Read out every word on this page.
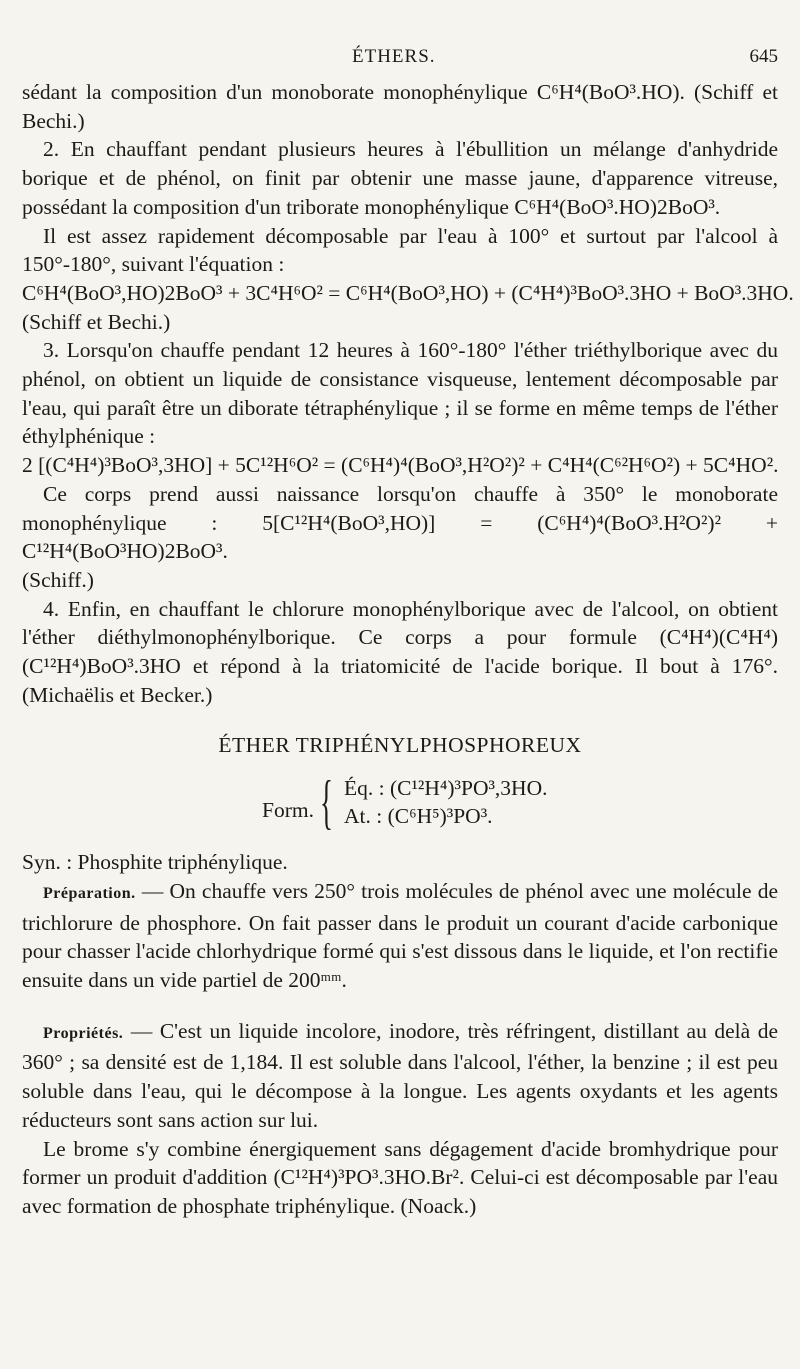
ÉTHERS.	645

sédant la composition d'un monoborate monophénylique C⁶H⁴(BoO³.HO). (Schiff et Bechi.)

2. En chauffant pendant plusieurs heures à l'ébullition un mélange d'anhydride borique et de phénol, on finit par obtenir une masse jaune, d'apparence vitreuse, possédant la composition d'un triborate monophénylique C⁶H⁴(BoO³.HO)2BoO³.

Il est assez rapidement décomposable par l'eau à 100° et surtout par l'alcool à 150°-180°, suivant l'équation :

C⁶H⁴(BoO³,HO)2BoO³ + 3C⁴H⁶O² = C⁶H⁴(BoO³,HO) + (C⁴H⁴)³BoO³.3HO + BoO³.3HO.

(Schiff et Bechi.)

3. Lorsqu'on chauffe pendant 12 heures à 160°-180° l'éther triéthylborique avec du phénol, on obtient un liquide de consistance visqueuse, lentement décomposable par l'eau, qui paraît être un diborate tétraphénylique ; il se forme en même temps de l'éther éthylphénique :

2 [(C⁴H⁴)³BoO³,3HO] + 5C¹²H⁶O² = (C⁶H⁴)⁴(BoO³,H²O²)² + C⁴H⁴(C⁶²H⁶O²) + 5C⁴HO².

Ce corps prend aussi naissance lorsqu'on chauffe à 350° le monoborate monophénylique : 5[C¹²H⁴(BoO³,HO)] = (C⁶H⁴)⁴(BoO³.H²O²)² + C¹²H⁴(BoO³HO)2BoO³.

(Schiff.)

4. Enfin, en chauffant le chlorure monophénylborique avec de l'alcool, on obtient l'éther diéthylmonophénylborique. Ce corps a pour formule (C⁴H⁴)(C⁴H⁴)(C¹²H⁴)BoO³.3HO et répond à la triatomicité de l'acide borique. Il bout à 176°. (Michaëlis et Becker.)

ÉTHER TRIPHÉNYLPHOSPHOREUX
Form. { Éq. : (C¹²H⁴)³PO³,3HO.
At. : (C⁶H⁵)³PO³.

Syn. : Phosphite triphénylique.

Préparation. — On chauffe vers 250° trois molécules de phénol avec une molécule de trichlorure de phosphore. On fait passer dans le produit un courant d'acide carbonique pour chasser l'acide chlorhydrique formé qui s'est dissous dans le liquide, et l'on rectifie ensuite dans un vide partiel de 200ᵐᵐ.

Propriétés. — C'est un liquide incolore, inodore, très réfringent, distillant au delà de 360° ; sa densité est de 1,184. Il est soluble dans l'alcool, l'éther, la benzine ; il est peu soluble dans l'eau, qui le décompose à la longue. Les agents oxydants et les agents réducteurs sont sans action sur lui.

Le brome s'y combine énergiquement sans dégagement d'acide bromhydrique pour former un produit d'addition (C¹²H⁴)³PO³.3HO.Br². Celui-ci est décomposable par l'eau avec formation de phosphate triphénylique. (Noack.)
